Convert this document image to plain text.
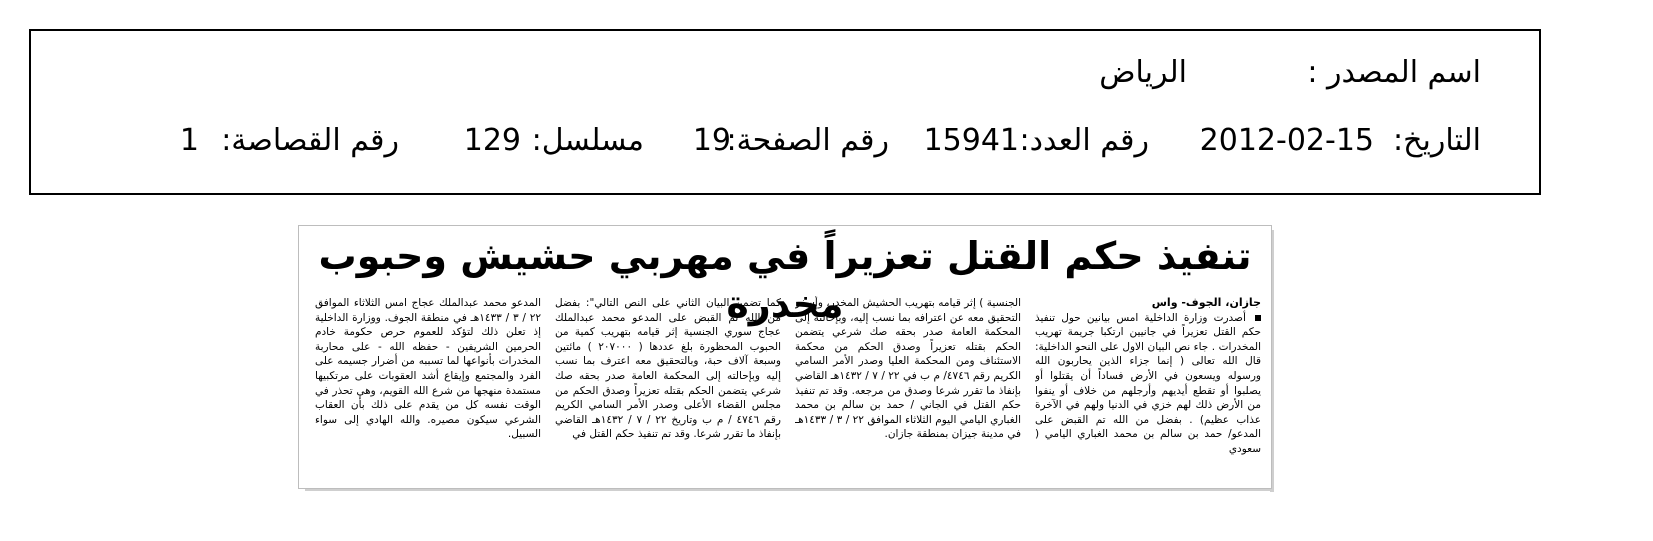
اسم المصدر :
الرياض
التاريخ:
2012-02-15
رقم العدد:
15941
رقم الصفحة:
19
مسلسل:
129
رقم القصاصة:
1
تنفيذ حكم القتل تعزيراً في مهربي حشيش وحبوب مخدرة	جازان، الجوف- واس
أصدرت وزارة الداخلية امس بيانين حول تنفيذ حكم القتل تعزيراً في جانيين ارتكبا جريمة تهريب المخدرات . جاء نص البيان الاول على النحو الداخلية: قال الله تعالى ( إنما جزاء الذين يحاربون الله ورسوله ويسعون في الأرض فساداً أن يقتلوا أو يصلبوا أو تقطع أيديهم وأرجلهم من خلاف أو ينفوا من الأرض ذلك لهم خزي في الدنيا ولهم في الآخرة عذاب عظيم) . بفضل من الله تم القبض على المدعو/ حمد بن سالم بن محمد الغباري اليامي ( سعودي
الجنسية ) إثر قيامه بتهريب الحشيش المخدر، وأسفر التحقيق معه عن اعترافه بما نسب إليه، وبإحالته إلى المحكمة العامة صدر بحقه صك شرعي يتضمن الحكم بقتله تعزيراً وصدق الحكم من محكمة الاستئناف ومن المحكمة العليا وصدر الأمر السامي الكريم رقم ٤٧٤٦/ م ب في ٢٢ / ٧ / ١٤٣٢هـ القاضي بإنفاذ ما تقرر شرعا وصدق من مرجعه. وقد تم تنفيذ حكم القتل في الجاني / حمد بن سالم بن محمد الغباري اليامي اليوم الثلاثاء الموافق ٢٢ / ٣ / ١٤٣٣هـ في مدينة جيزان بمنطقة جازان.
كما تضمن البيان الثاني على النص التالي": بفضل من الله تم القبض على المدعو محمد عبدالملك عجاج سوري الجنسية إثر قيامه بتهريب كمية من الحبوب المحظورة بلغ عددها ( ٢٠٧٠٠٠ ) مائتين وسبعة آلاف حبة، وبالتحقيق معه اعترف بما نسب إليه وبإحالته إلى المحكمة العامة صدر بحقه صك شرعي يتضمن الحكم بقتله تعزيراً وصدق الحكم من مجلس القضاء الأعلى وصدر الأمر السامي الكريم رقم ٤٧٤٦ / م ب وتاريخ ٢٢ / ٧ / ١٤٣٢هـ القاضي بإنفاذ ما تقرر شرعا. وقد تم تنفيذ حكم القتل في
المدعو محمد عبدالملك عجاج امس الثلاثاء الموافق ٢٢ / ٣ / ١٤٣٣هـ في منطقة الجوف. ووزارة الداخلية إذ تعلن ذلك لتؤكد للعموم حرص حكومة خادم الحرمين الشريفين - حفظه الله - على محاربة المخدرات بأنواعها لما تسببه من أضرار جسيمه على الفرد والمجتمع وإيقاع أشد العقوبات على مرتكبيها مستمدة منهجها من شرع الله القويم، وهي تحذر في الوقت نفسه كل من يقدم على ذلك بأن العقاب الشرعي سيكون مصيره. والله الهادي إلى سواء السبيل.
